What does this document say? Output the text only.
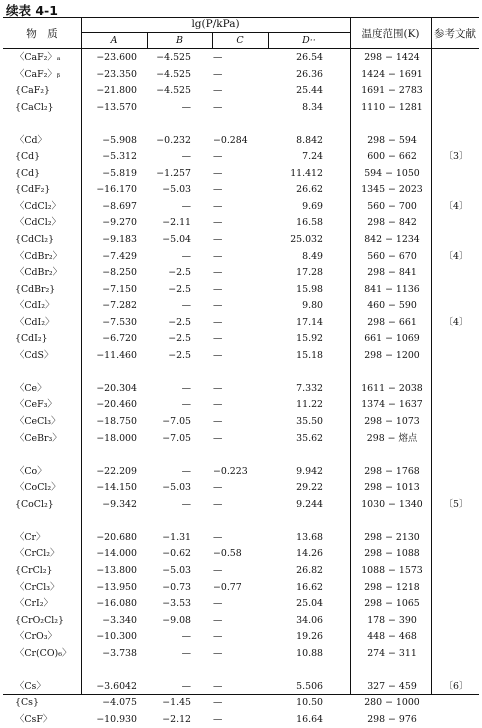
续表 4-1
物　质
lg(P/kPa)
A	B	C	D··
温度范围(K)	参考文献
〈CaF₂〉ₐ	−23.600	−4.525 —	26.54	298 − 1424
〈CaF₂〉ᵦ	−23.350	−4.525 —	26.36	1424 − 1691
{CaF₂}	−21.800	−4.525 —	25.44	1691 − 2783
{CaCl₂}	−13.570	— —	8.34	1110 − 1281
〈Cd〉	−5.908	−0.232 −0.284	8.842	298 − 594
{Cd}	−5.312	— —	7.24	600 − 662	〔3〕
{Cd}	−5.819	−1.257 —	11.412	594 − 1050
{CdF₂}	−16.170	−5.03 —	26.62	1345 − 2023
〈CdCl₂〉	−8.697	— —	9.69	560 − 700	〔4〕
〈CdCl₂〉	−9.270	−2.11 —	16.58	298 − 842
{CdCl₂}	−9.183	−5.04 —	25.032	842 − 1234
〈CdBr₂〉	−7.429	— —	8.49	560 − 670	〔4〕
〈CdBr₂〉	−8.250	−2.5 —	17.28	298 − 841
{CdBr₂}	−7.150	−2.5 —	15.98	841 − 1136
〈CdI₂〉	−7.282	— —	9.80	460 − 590
〈CdI₂〉	−7.530	−2.5 —	17.14	298 − 661	〔4〕
{CdI₂}	−6.720	−2.5 —	15.92	661 − 1069
〈CdS〉	−11.460	−2.5 —	15.18	298 − 1200
〈Ce〉	−20.304	— —	7.332	1611 − 2038
〈CeF₃〉	−20.460	— —	11.22	1374 − 1637
〈CeCl₃〉	−18.750	−7.05 —	35.50	298 − 1073
〈CeBr₃〉	−18.000	−7.05 —	35.62	298 − 熔点
〈Co〉	−22.209	— −0.223	9.942	298 − 1768
〈CoCl₂〉	−14.150	−5.03 —	29.22	298 − 1013
{CoCl₂}	−9.342	— —	9.244	1030 − 1340	〔5〕
〈Cr〉	−20.680	−1.31 —	13.68	298 − 2130
〈CrCl₂〉	−14.000	−0.62 −0.58	14.26	298 − 1088
{CrCl₂}	−13.800	−5.03 —	26.82	1088 − 1573
〈CrCl₃〉	−13.950	−0.73 −0.77	16.62	298 − 1218
〈CrI₂〉	−16.080	−3.53 —	25.04	298 − 1065
{CrO₂Cl₂}	−3.340	−9.08 —	34.06	178 − 390
〈CrO₃〉	−10.300	— —	19.26	448 − 468
〈Cr(CO)₆〉	−3.738	— —	10.88	274 − 311
〈Cs〉	−3.6042	— —	5.506	327 − 459	〔6〕
{Cs}	−4.075	−1.45 —	10.50	280 − 1000
〈CsF〉	−10.930	−2.12 —	16.64	298 − 976
